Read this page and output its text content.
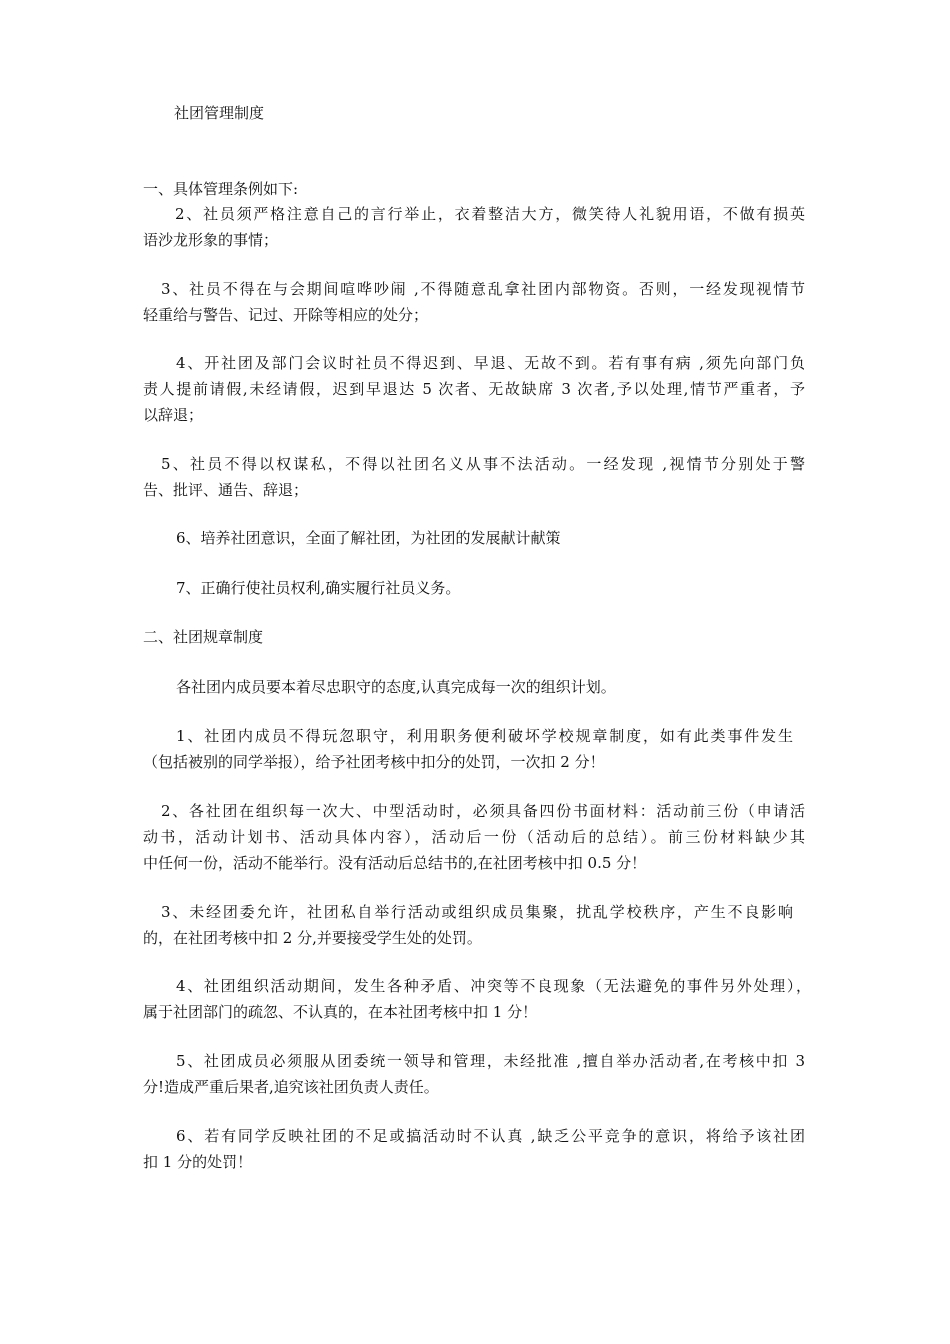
社团管理制度
一、具体管理条例如下:
2、社员须严格注意自己的言行举止，衣着整洁大方，微笑待人礼貌用语，不做有损英
语沙龙形象的事情；
3、社员不得在与会期间喧哗吵闹 ,不得随意乱拿社团内部物资。否则，一经发现视情节
轻重给与警告、记过、开除等相应的处分；
4、开社团及部门会议时社员不得迟到、早退、无故不到。若有事有病 ,须先向部门负
责人提前请假,未经请假，迟到早退达 5 次者、无故缺席 3 次者,予以处理,情节严重者，予
以辞退；
5、社员不得以权谋私，不得以社团名义从事不法活动。一经发现 ,视情节分别处于警
告、批评、通告、辞退；
6、培养社团意识，全面了解社团，为社团的发展献计献策
7、正确行使社员权利,确实履行社员义务。
二、社团规章制度
各社团内成员要本着尽忠职守的态度,认真完成每一次的组织计划。
1、社团内成员不得玩忽职守，利用职务便利破坏学校规章制度，如有此类事件发生
（包括被别的同学举报），给予社团考核中扣分的处罚，一次扣 2 分！
2、各社团在组织每一次大、中型活动时，必须具备四份书面材料：活动前三份（申请活
动书，活动计划书、活动具体内容），活动后一份（活动后的总结）。前三份材料缺少其
中任何一份，活动不能举行。没有活动后总结书的,在社团考核中扣 0.5 分！
3、未经团委允许，社团私自举行活动或组织成员集聚，扰乱学校秩序，产生不良影响
的，在社团考核中扣 2 分,并要接受学生处的处罚。
4、社团组织活动期间，发生各种矛盾、冲突等不良现象（无法避免的事件另外处理），
属于社团部门的疏忽、不认真的，在本社团考核中扣 1 分！
5、社团成员必须服从团委统一领导和管理，未经批准 ,擅自举办活动者,在考核中扣 3
分!造成严重后果者,追究该社团负责人责任。
6、若有同学反映社团的不足或搞活动时不认真 ,缺乏公平竞争的意识，将给予该社团
扣 1 分的处罚！
